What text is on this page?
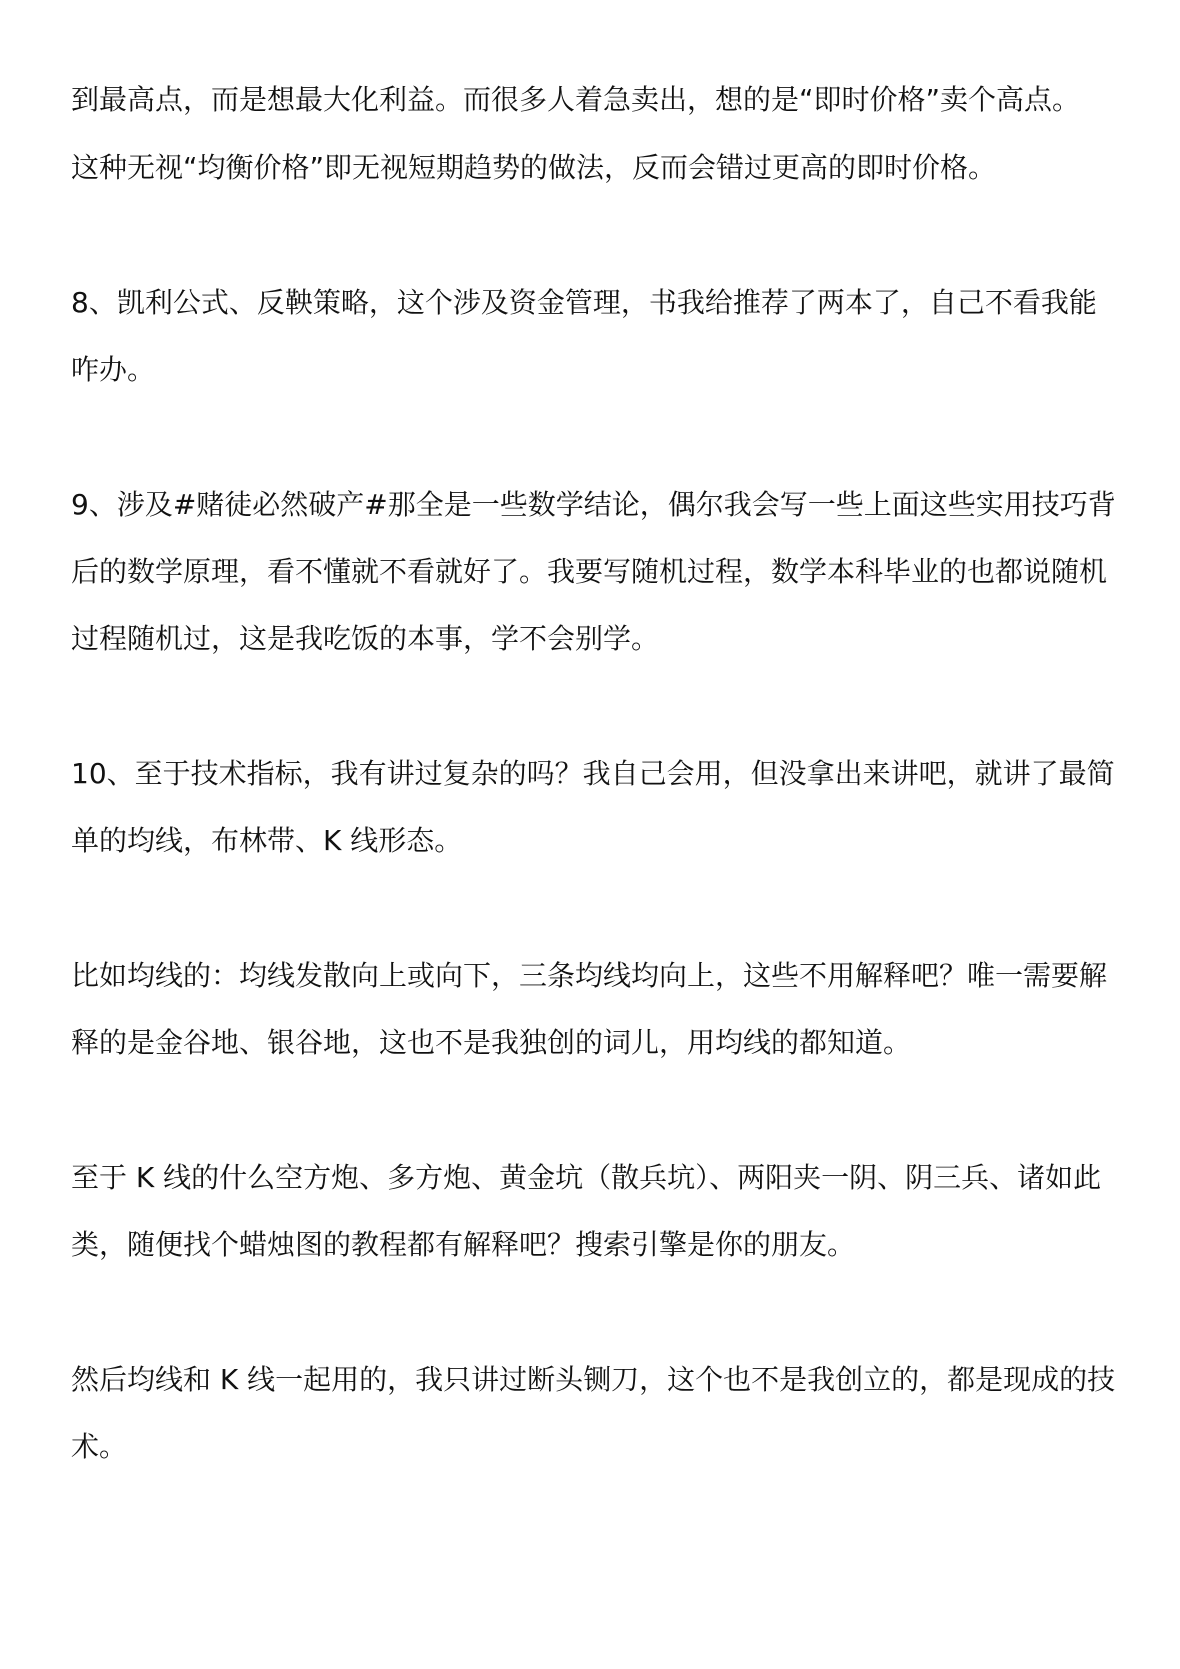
到最高点，而是想最大化利益。而很多人着急卖出，想的是“即时价格”卖个高点。
这种无视“均衡价格”即无视短期趋势的做法，反而会错过更高的即时价格。
8、凯利公式、反鞅策略，这个涉及资金管理，书我给推荐了两本了，自己不看我能
咋办。
9、涉及#赌徒必然破产#那全是一些数学结论，偶尔我会写一些上面这些实用技巧背
后的数学原理，看不懂就不看就好了。我要写随机过程，数学本科毕业的也都说随机
过程随机过，这是我吃饭的本事，学不会别学。
10、至于技术指标，我有讲过复杂的吗？我自己会用，但没拿出来讲吧，就讲了最简
单的均线，布林带、K 线形态。
比如均线的：均线发散向上或向下，三条均线均向上，这些不用解释吧？唯一需要解
释的是金谷地、银谷地，这也不是我独创的词儿，用均线的都知道。
至于 K 线的什么空方炮、多方炮、黄金坑（散兵坑）、两阳夹一阴、阴三兵、诸如此
类，随便找个蜡烛图的教程都有解释吧？搜索引擎是你的朋友。
然后均线和 K 线一起用的，我只讲过断头铡刀，这个也不是我创立的，都是现成的技
术。
